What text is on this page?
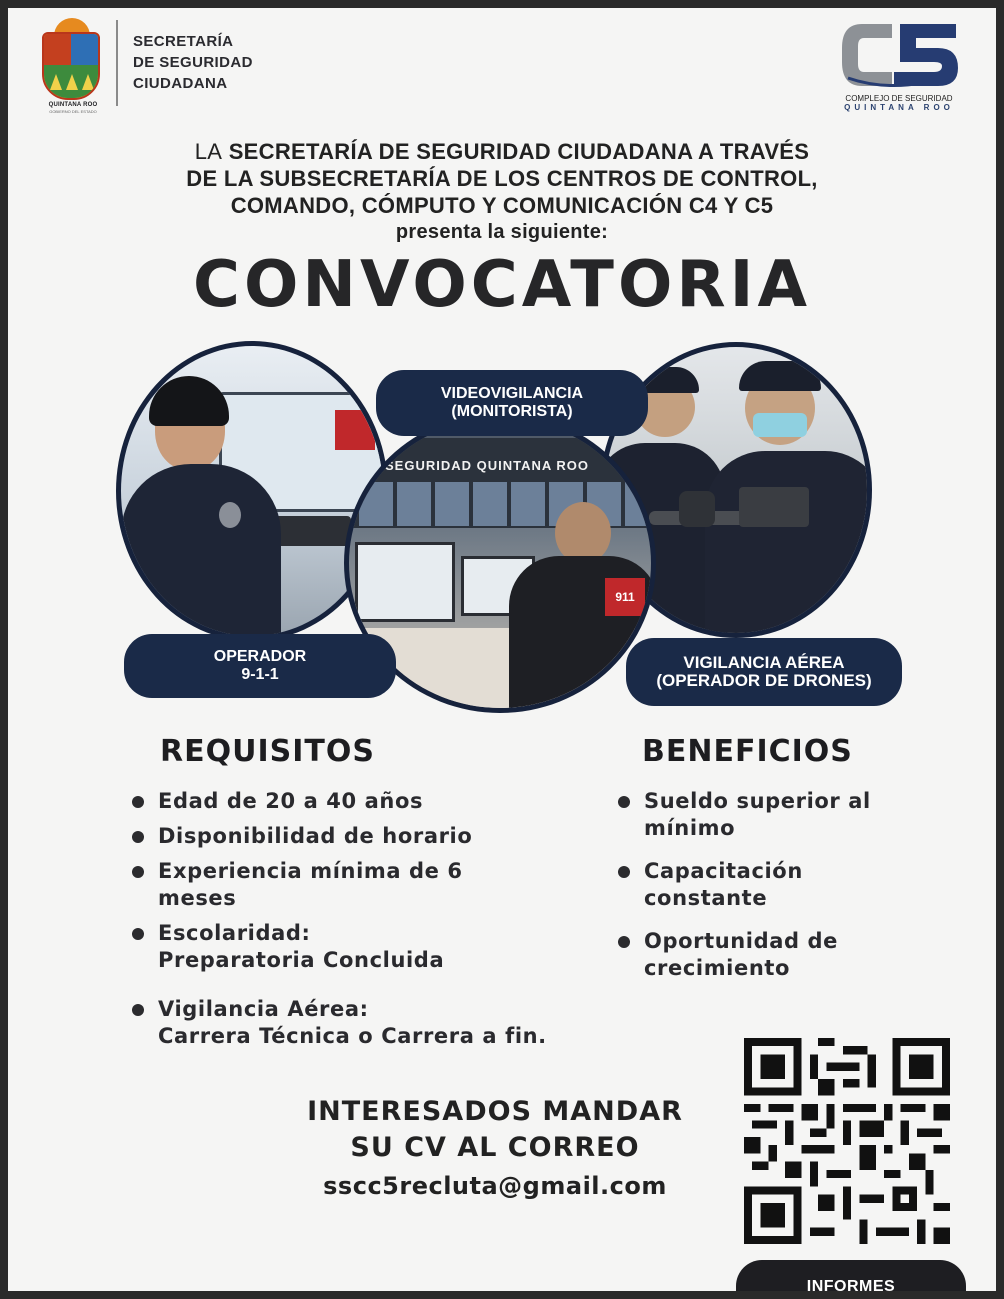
QUINTANA ROO
GOBIERNO DEL ESTADO
SECRETARÍA
DE SEGURIDAD
CIUDADANA
COMPLEJO DE SEGURIDAD
QUINTANA ROO
LA SECRETARÍA DE SEGURIDAD CIUDADANA A TRAVÉS
DE LA SUBSECRETARÍA DE LOS CENTROS DE CONTROL,
COMANDO, CÓMPUTO Y COMUNICACIÓN C4 Y C5
presenta la siguiente:
CONVOCATORIA
SEGURIDAD QUINTANA ROO
911
VIDEOVIGILANCIA
(MONITORISTA)
OPERADOR
9-1-1
VIGILANCIA AÉREA
(OPERADOR DE DRONES)
REQUISITOS
Edad de 20 a 40 años
Disponibilidad de horario
Experiencia mínima de 6
meses
Escolaridad:
Preparatoria Concluida
Vigilancia Aérea:
Carrera Técnica o Carrera a fin.
BENEFICIOS
Sueldo superior al
mínimo
Capacitación
constante
Oportunidad de
crecimiento
INTERESADOS MANDAR
SU CV AL CORREO
sscc5recluta@gmail.com
INFORMES
